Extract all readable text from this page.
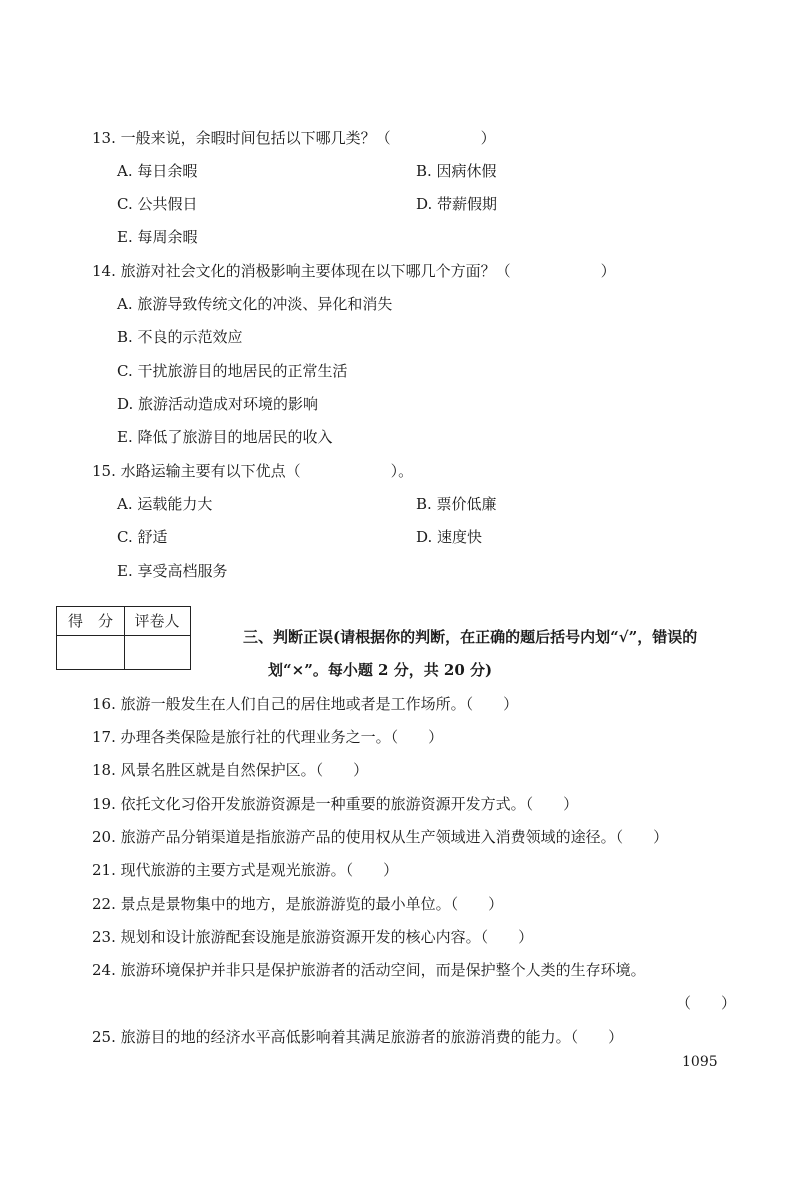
13. 一般来说，余暇时间包括以下哪几类？（　　　　　　）
A. 每日余暇	B. 因病休假
C. 公共假日	D. 带薪假期
E. 每周余暇
14. 旅游对社会文化的消极影响主要体现在以下哪几个方面？（　　　　　　）
A. 旅游导致传统文化的冲淡、异化和消失
B. 不良的示范效应
C. 干扰旅游目的地居民的正常生活
D. 旅游活动造成对环境的影响
E. 降低了旅游目的地居民的收入
15. 水路运输主要有以下优点（　　　　　　）。
A. 运载能力大	B. 票价低廉
C. 舒适	D. 速度快
E. 享受高档服务
得　分	评卷人
三、判断正误(请根据你的判断，在正确的题后括号内划“√”，错误的
划“×”。每小题 2 分，共 20 分)
16. 旅游一般发生在人们自己的居住地或者是工作场所。（　　）
17. 办理各类保险是旅行社的代理业务之一。（　　）
18. 风景名胜区就是自然保护区。（　　）
19. 依托文化习俗开发旅游资源是一种重要的旅游资源开发方式。（　　）
20. 旅游产品分销渠道是指旅游产品的使用权从生产领域进入消费领域的途径。（　　）
21. 现代旅游的主要方式是观光旅游。（　　）
22. 景点是景物集中的地方，是旅游游览的最小单位。（　　）
23. 规划和设计旅游配套设施是旅游资源开发的核心内容。（　　）
24. 旅游环境保护并非只是保护旅游者的活动空间，而是保护整个人类的生存环境。
（　　）
25. 旅游目的地的经济水平高低影响着其满足旅游者的旅游消费的能力。（　　）
1095
